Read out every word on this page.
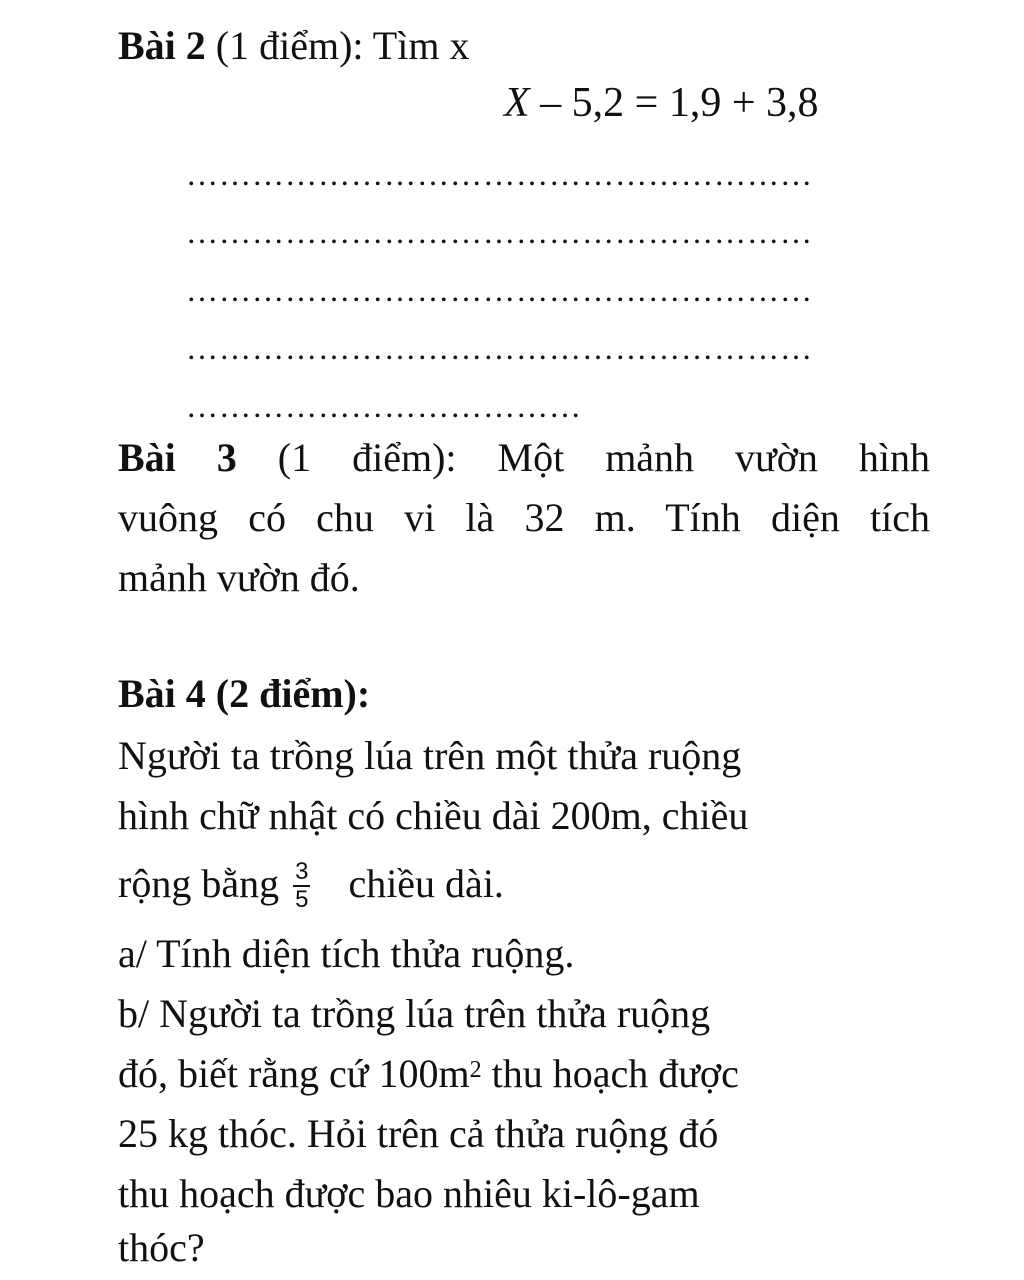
Bài 2 (1 điểm): Tìm x
X – 5,2 = 1,9 + 3,8
…………………………………………………
…………………………………………………
…………………………………………………
…………………………………………………
………………………………
Bài 3 (1 điểm): Một mảnh vườn hình
vuông có chu vi là 32 m. Tính diện tích
mảnh vườn đó.
Bài 4 (2 điểm):
Người ta trồng lúa trên một thửa ruộng
hình chữ nhật có chiều dài 200m, chiều
rộng bằng $\frac{3}{5}$ chiều dài.
a/ Tính diện tích thửa ruộng.
b/ Người ta trồng lúa trên thửa ruộng
đó, biết rằng cứ $100m^2$ thu hoạch được
25 kg thóc. Hỏi trên cả thửa ruộng đó
thu hoạch được bao nhiêu ki-lô-gam
thóc?
